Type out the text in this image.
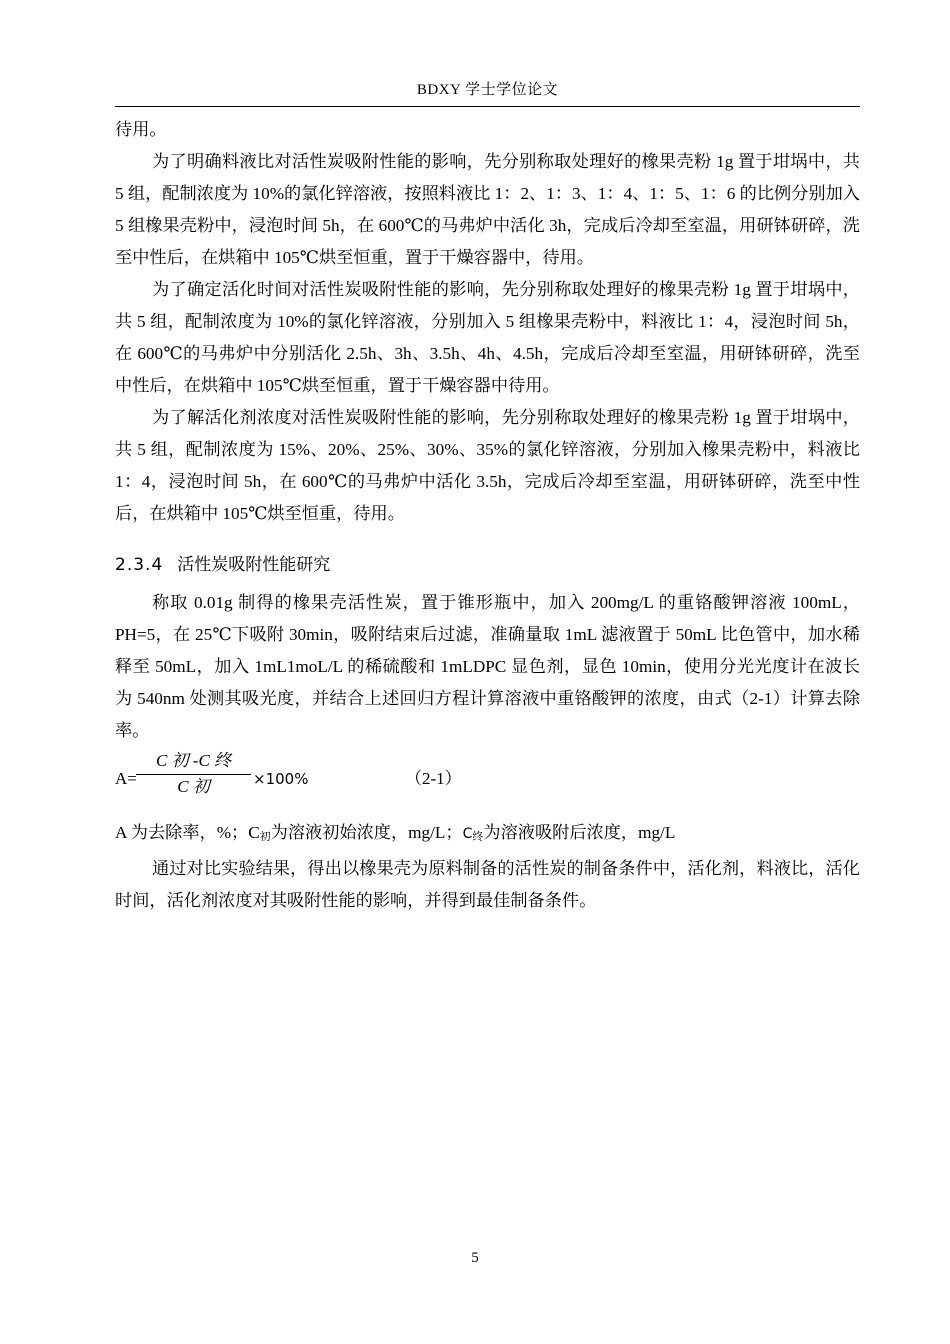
BDXY 学士学位论文

待用。

为了明确料液比对活性炭吸附性能的影响，先分别称取处理好的橡果壳粉 1g 置于坩埚中，共 5 组，配制浓度为 10%的氯化锌溶液，按照料液比 1：2、1：3、1：4、1：5、1：6 的比例分别加入 5 组橡果壳粉中，浸泡时间 5h，在 600℃的马弗炉中活化 3h，完成后冷却至室温，用研钵研碎，洗至中性后，在烘箱中 105℃烘至恒重，置于干燥容器中，待用。

为了确定活化时间对活性炭吸附性能的影响，先分别称取处理好的橡果壳粉 1g 置于坩埚中，共 5 组，配制浓度为 10%的氯化锌溶液，分别加入 5 组橡果壳粉中，料液比 1：4，浸泡时间 5h，在 600℃的马弗炉中分别活化 2.5h、3h、3.5h、4h、4.5h，完成后冷却至室温，用研钵研碎，洗至中性后，在烘箱中 105℃烘至恒重，置于干燥容器中待用。

为了解活化剂浓度对活性炭吸附性能的影响，先分别称取处理好的橡果壳粉 1g 置于坩埚中，共 5 组，配制浓度为 15%、20%、25%、30%、35%的氯化锌溶液，分别加入橡果壳粉中，料液比 1：4，浸泡时间 5h，在 600℃的马弗炉中活化 3.5h，完成后冷却至室温，用研钵研碎，洗至中性后，在烘箱中 105℃烘至恒重，待用。

2.3.4 活性炭吸附性能研究

称取 0.01g 制得的橡果壳活性炭，置于锥形瓶中，加入 200mg/L 的重铬酸钾溶液 100mL，PH=5，在 25℃下吸附 30min，吸附结束后过滤，准确量取 1mL 滤液置于 50mL 比色管中，加水稀释至 50mL，加入 1mL1moL/L 的稀硫酸和 1mLDPC 显色剂，显色 10min，使用分光光度计在波长为 540nm 处测其吸光度，并结合上述回归方程计算溶液中重铬酸钾的浓度，由式（2-1）计算去除率。

A=
C 初 -C 终
C 初	×100%	（2-1）

A 为去除率，%；C初为溶液初始浓度，mg/L；C终为溶液吸附后浓度，mg/L

通过对比实验结果，得出以橡果壳为原料制备的活性炭的制备条件中，活化剂，料液比，活化时间，活化剂浓度对其吸附性能的影响，并得到最佳制备条件。

5
